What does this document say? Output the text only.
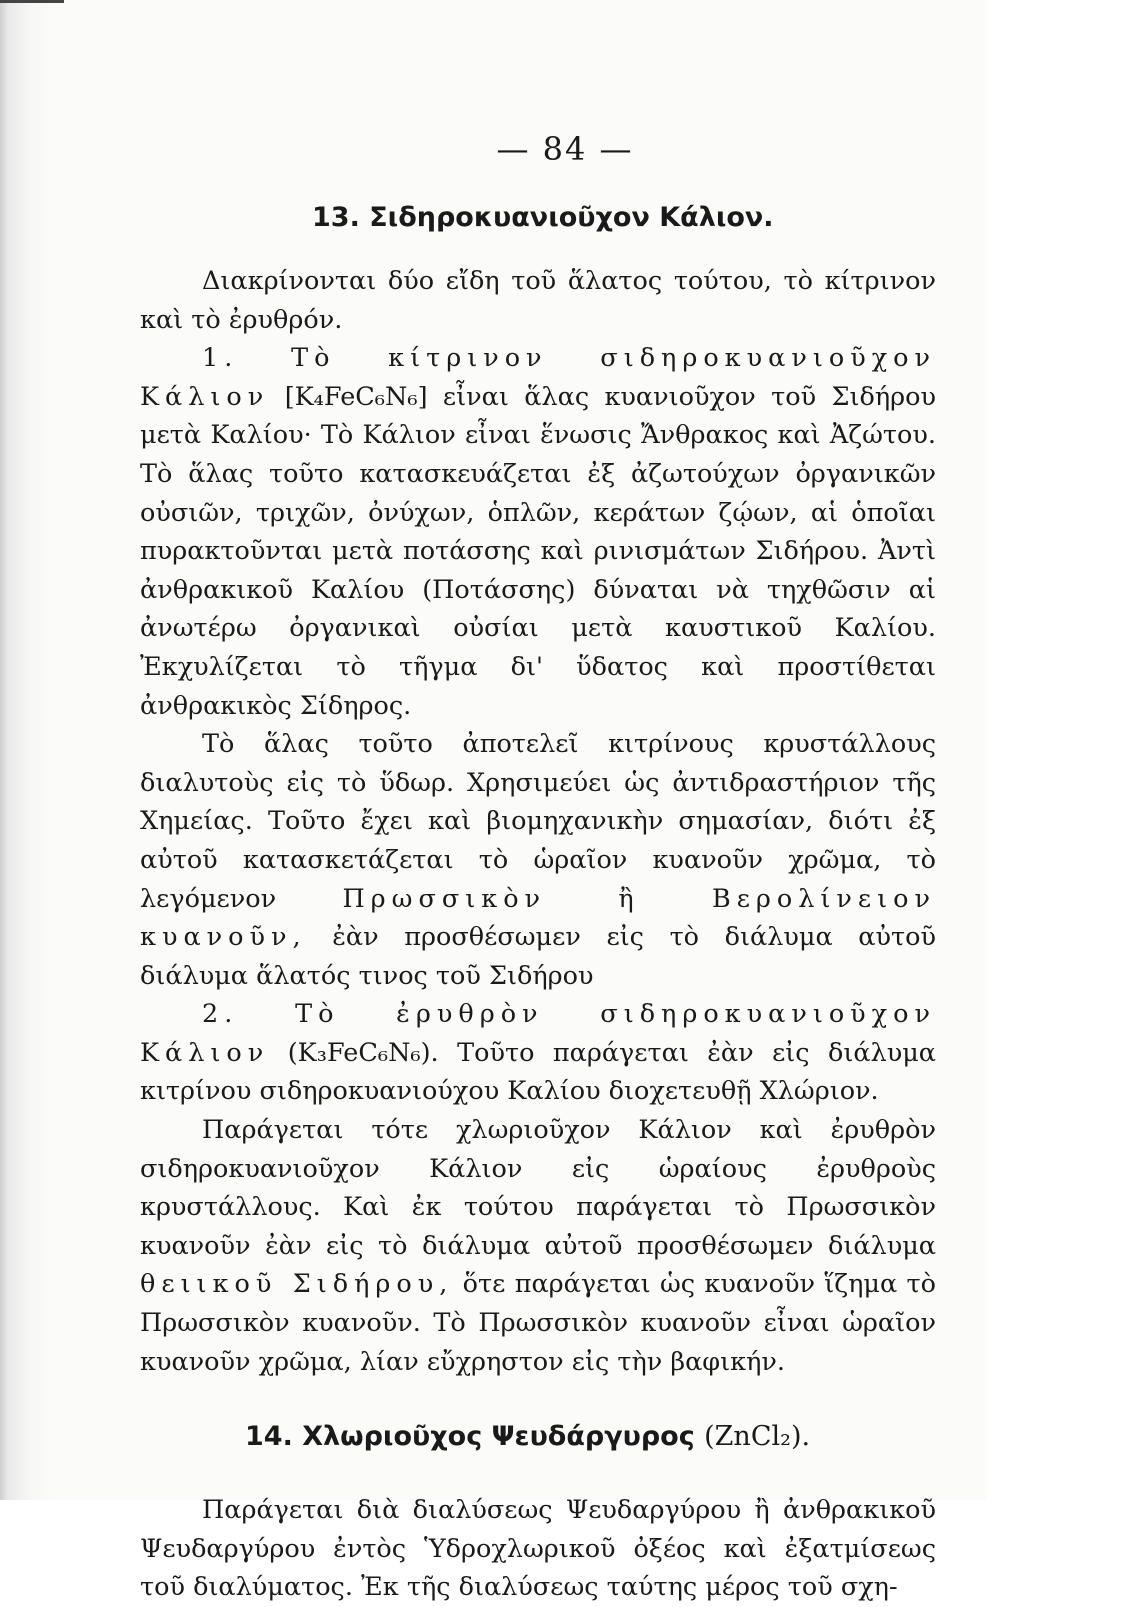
— 84 —
13. Σιδηροκυανιοῦχον Κάλιον.

Διακρίνονται δύο εἴδη τοῦ ἅλατος τούτου, τὸ κίτρινον καὶ τὸ ἐρυθρόν.

1. Τὸ κίτρινον σιδηροκυανιοῦχον Κάλιον [K₄FeC₆N₆] εἶναι ἅλας κυανιοῦχον τοῦ Σιδήρου μετὰ Καλίου· Τὸ Κάλιον εἶναι ἕνωσις Ἄνθρακος καὶ Ἀζώτου. Τὸ ἅλας τοῦτο κατασκευάζεται ἐξ ἀζωτούχων ὀργανικῶν οὐσιῶν, τριχῶν, ὀνύχων, ὁπλῶν, κεράτων ζῴων, αἱ ὁποῖαι πυρακτοῦνται μετὰ ποτάσσης καὶ ρινισμάτων Σιδήρου. Ἀντὶ ἀνθρακικοῦ Καλίου (Ποτάσσης) δύναται νὰ τηχθῶσιν αἱ ἀνωτέρω ὀργανικαὶ οὐσίαι μετὰ καυστικοῦ Καλίου. Ἐκχυλίζεται τὸ τῆγμα δι' ὕδατος καὶ προστίθεται ἀνθρακικὸς Σίδηρος.

Τὸ ἅλας τοῦτο ἀποτελεῖ κιτρίνους κρυστάλλους διαλυτοὺς εἰς τὸ ὕδωρ. Χρησιμεύει ὡς ἀντιδραστήριον τῆς Χημείας. Τοῦτο ἔχει καὶ βιομηχανικὴν σημασίαν, διότι ἐξ αὐτοῦ κατασκετάζεται τὸ ὡραῖον κυανοῦν χρῶμα, τὸ λεγόμενον	Πρωσσικὸν ἢ Βερολίνειον κυανοῦν, ἐὰν προσθέσωμεν εἰς τὸ διάλυμα αὐτοῦ διάλυμα ἅλατός τινος τοῦ Σιδήρου

2. Τὸ ἐρυθρὸν σιδηροκυανιοῦχον Κάλιον (K₃FeC₆N₆). Τοῦτο παράγεται ἐὰν εἰς διάλυμα κιτρίνου σιδηροκυανιούχου Καλίου διοχετευθῇ Χλώριον.

Παράγεται τότε χλωριοῦχον Κάλιον καὶ ἐρυθρὸν σιδηροκυανιοῦχον Κάλιον εἰς ὡραίους ἐρυθροὺς κρυστάλλους. Καὶ ἐκ τούτου παράγεται τὸ Πρωσσικὸν κυανοῦν ἐὰν εἰς τὸ διάλυμα αὐτοῦ προσθέσωμεν διάλυμα θειικοῦ Σιδήρου, ὅτε παράγεται ὡς κυανοῦν ἵζημα τὸ Πρωσσικὸν κυανοῦν. Τὸ Πρωσσικὸν κυανοῦν εἶναι ὡραῖον κυανοῦν χρῶμα, λίαν εὔχρηστον εἰς τὴν βαφικήν.

14. Χλωριοῦχος Ψευδάργυρος (ZnCl₂).

Παράγεται διὰ διαλύσεως Ψευδαργύρου ἢ ἀνθρακικοῦ Ψευδαργύρου ἐντὸς Ὑδροχλωρικοῦ ὀξέος καὶ ἐξατμίσεως τοῦ διαλύματος. Ἐκ τῆς διαλύσεως ταύτης μέρος τοῦ σχη-
